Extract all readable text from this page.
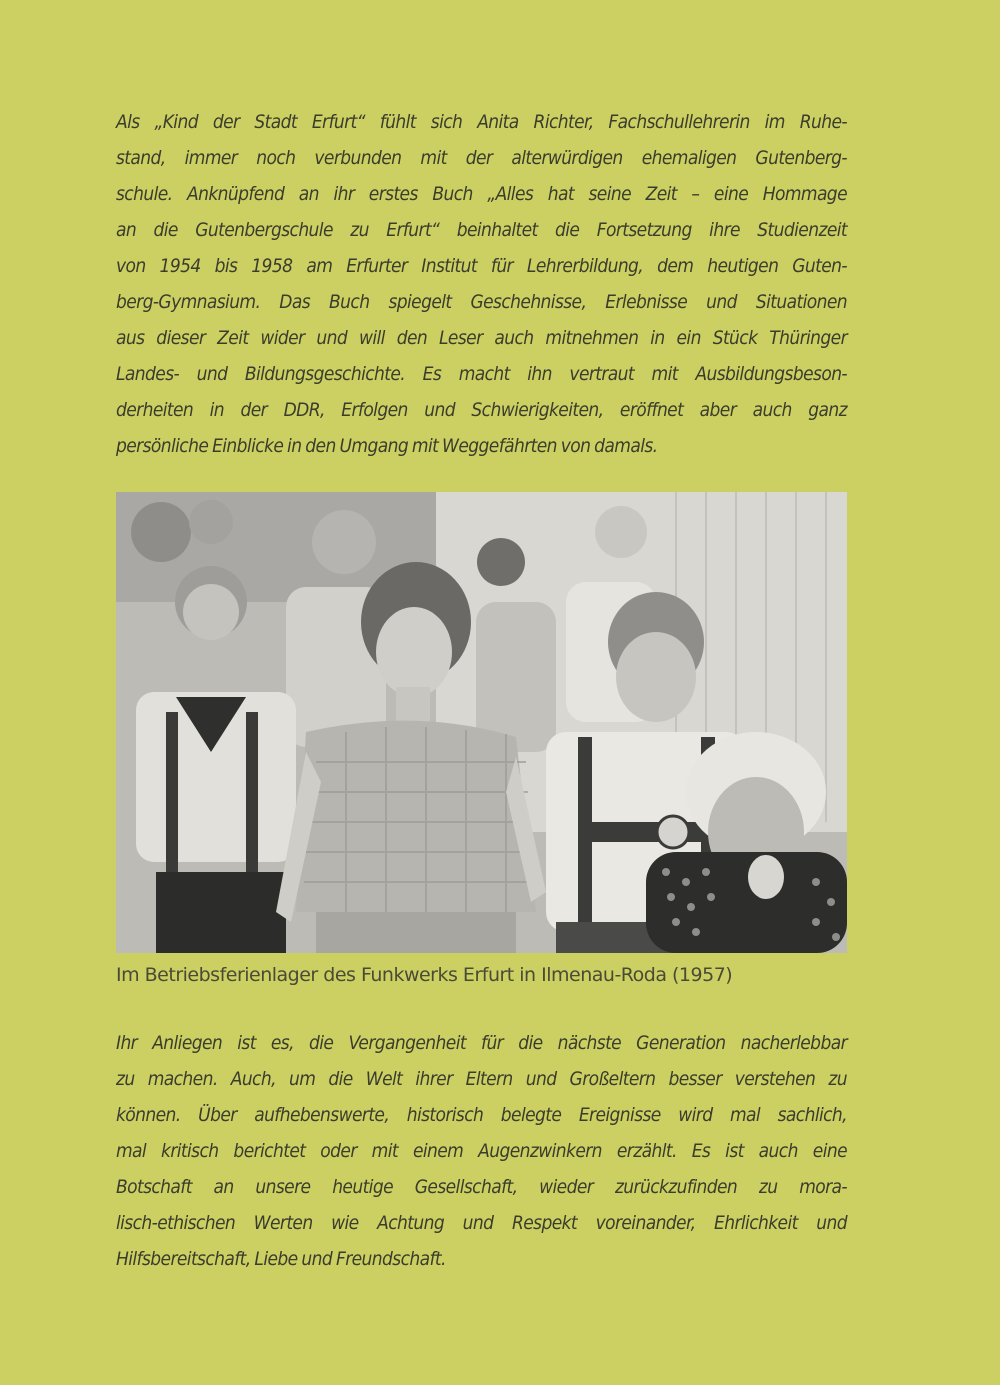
Als „Kind der Stadt Erfurt“ fühlt sich Anita Richter, Fachschullehrerin im Ruhe-
stand, immer noch verbunden mit der alterwürdigen ehemaligen Gutenberg-
schule. Anknüpfend an ihr erstes Buch „Alles hat seine Zeit – eine Hommage
an die Gutenbergschule zu Erfurt“ beinhaltet die Fortsetzung ihre Studienzeit
von 1954 bis 1958 am Erfurter Institut für Lehrerbildung, dem heutigen Guten-
berg-Gymnasium. Das Buch spiegelt Geschehnisse, Erlebnisse und Situationen
aus dieser Zeit wider und will den Leser auch mitnehmen in ein Stück Thüringer
Landes- und Bildungsgeschichte. Es macht ihn vertraut mit Ausbildungsbeson-
derheiten in der DDR, Erfolgen und Schwierigkeiten, eröffnet aber auch ganz
persönliche Einblicke in den Umgang mit Weggefährten von damals.

Im Betriebsferienlager des Funkwerks Erfurt in Ilmenau-Roda (1957)

Ihr Anliegen ist es, die Vergangenheit für die nächste Generation nacherlebbar
zu machen. Auch, um die Welt ihrer Eltern und Großeltern besser verstehen zu
können. Über aufhebenswerte, historisch belegte Ereignisse wird mal sachlich,
mal kritisch berichtet oder mit einem Augenzwinkern erzählt. Es ist auch eine
Botschaft an unsere heutige Gesellschaft, wieder zurückzufinden zu mora-
lisch-ethischen Werten wie Achtung und Respekt voreinander, Ehrlichkeit und
Hilfsbereitschaft, Liebe und Freundschaft.
